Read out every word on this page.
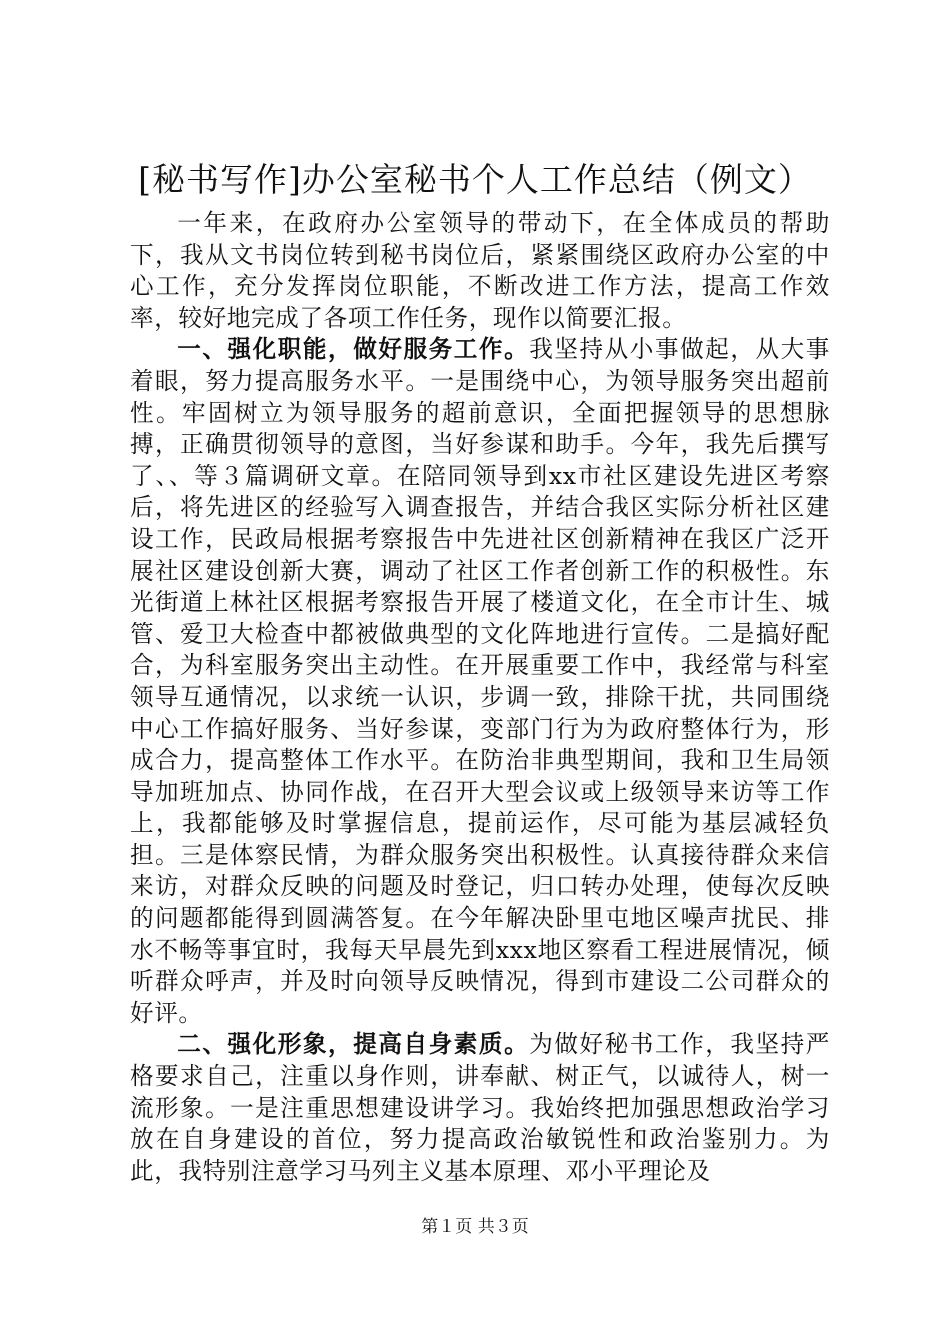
[秘书写作]办公室秘书个人工作总结（例文）

一年来，在政府办公室领导的带动下，在全体成员的帮助下，我从文书岗位转到秘书岗位后，紧紧围绕区政府办公室的中心工作，充分发挥岗位职能，不断改进工作方法，提高工作效率，较好地完成了各项工作任务，现作以简要汇报。

一、强化职能，做好服务工作。我坚持从小事做起，从大事着眼，努力提高服务水平。一是围绕中心，为领导服务突出超前性。牢固树立为领导服务的超前意识，全面把握领导的思想脉搏，正确贯彻领导的意图，当好参谋和助手。今年，我先后撰写了、、等３篇调研文章。在陪同领导到xx市社区建设先进区考察后，将先进区的经验写入调查报告，并结合我区实际分析社区建设工作，民政局根据考察报告中先进社区创新精神在我区广泛开展社区建设创新大赛，调动了社区工作者创新工作的积极性。东光街道上林社区根据考察报告开展了楼道文化，在全市计生、城管、爱卫大检查中都被做典型的文化阵地进行宣传。二是搞好配合，为科室服务突出主动性。在开展重要工作中，我经常与科室领导互通情况，以求统一认识，步调一致，排除干扰，共同围绕中心工作搞好服务、当好参谋，变部门行为为政府整体行为，形成合力，提高整体工作水平。在防治非典型期间，我和卫生局领导加班加点、协同作战，在召开大型会议或上级领导来访等工作上，我都能够及时掌握信息，提前运作，尽可能为基层减轻负担。三是体察民情，为群众服务突出积极性。认真接待群众来信来访，对群众反映的问题及时登记，归口转办处理，使每次反映的问题都能得到圆满答复。在今年解决卧里屯地区噪声扰民、排水不畅等事宜时，我每天早晨先到xxx地区察看工程进展情况，倾听群众呼声，并及时向领导反映情况，得到市建设二公司群众的好评。

二、强化形象，提高自身素质。为做好秘书工作，我坚持严格要求自己，注重以身作则，讲奉献、树正气，以诚待人，树一流形象。一是注重思想建设讲学习。我始终把加强思想政治学习放在自身建设的首位，努力提高政治敏锐性和政治鉴别力。为此，我特别注意学习马列主义基本原理、邓小平理论及

第１页 共３页
